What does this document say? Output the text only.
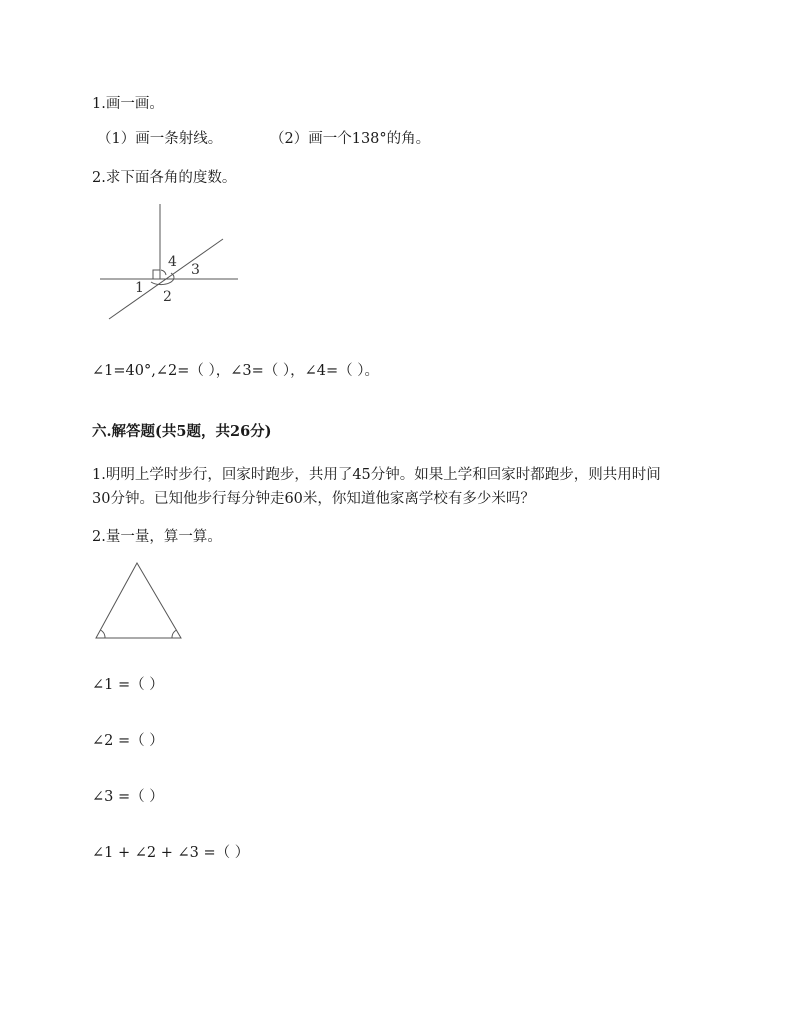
1.画一画。
（1）画一条射线。	（2）画一个138°的角。
2.求下面各角的度数。
1
2
3
4
∠1=40°,∠2=（ ），∠3=（ ），∠4=（ ）。
六.解答题(共5题，共26分)
1.明明上学时步行，回家时跑步，共用了45分钟。如果上学和回家时都跑步，则共用时间
30分钟。已知他步行每分钟走60米，你知道他家离学校有多少米吗？
2.量一量，算一算。
∠1 =（ ）
∠2 =（ ）
∠3 =（ ）
∠1 + ∠2 + ∠3 =（ ）
